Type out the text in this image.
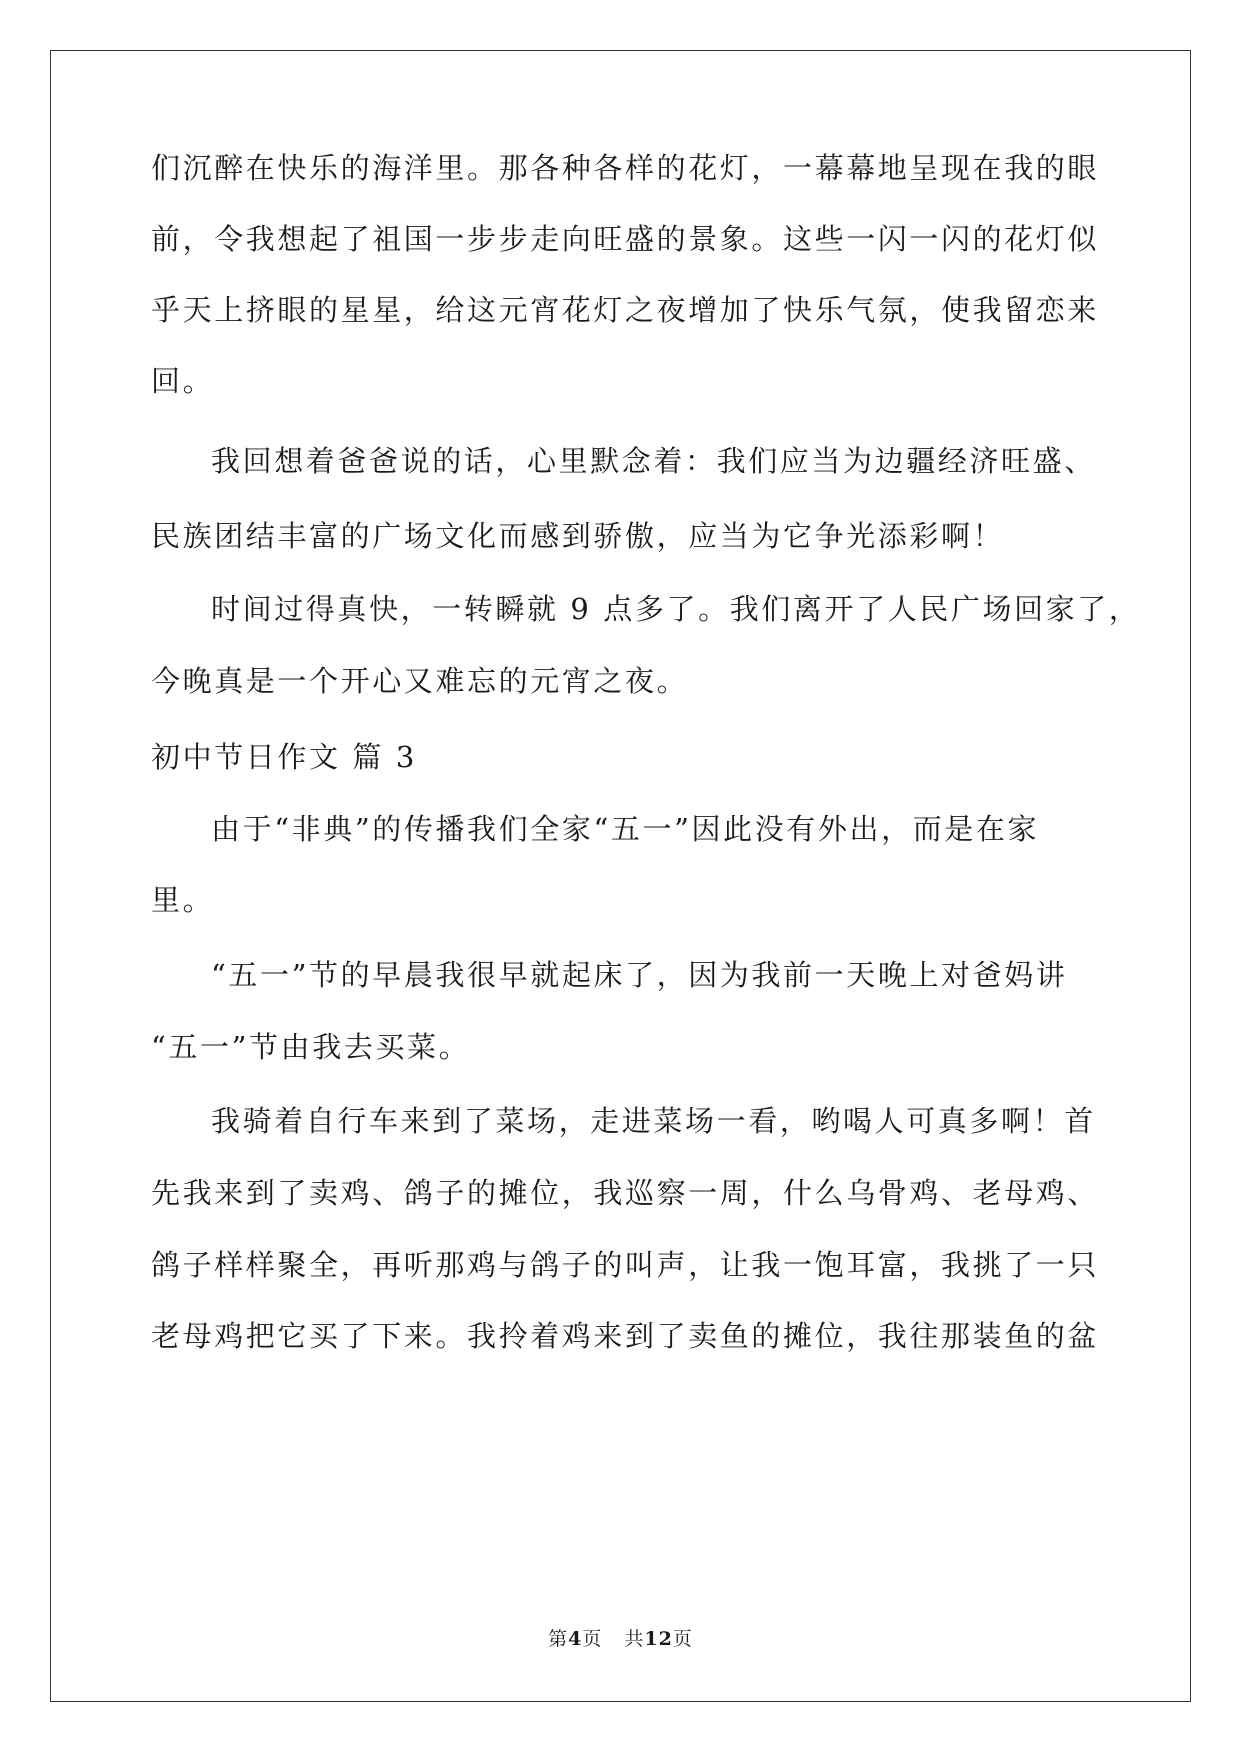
们沉醉在快乐的海洋里。那各种各样的花灯，一幕幕地呈现在我的眼
前，令我想起了祖国一步步走向旺盛的景象。这些一闪一闪的花灯似
乎天上挤眼的星星，给这元宵花灯之夜增加了快乐气氛，使我留恋来
回。
我回想着爸爸说的话，心里默念着：我们应当为边疆经济旺盛、
民族团结丰富的广场文化而感到骄傲，应当为它争光添彩啊！
时间过得真快，一转瞬就 9 点多了。我们离开了人民广场回家了，
今晚真是一个开心又难忘的元宵之夜。
初中节日作文 篇 3
由于“非典”的传播我们全家“五一”因此没有外出，而是在家
里。
“五一”节的早晨我很早就起床了，因为我前一天晚上对爸妈讲
“五一”节由我去买菜。
我骑着自行车来到了菜场，走进菜场一看，哟喝人可真多啊！首
先我来到了卖鸡、鸽子的摊位，我巡察一周，什么乌骨鸡、老母鸡、
鸽子样样聚全，再听那鸡与鸽子的叫声，让我一饱耳富，我挑了一只
老母鸡把它买了下来。我拎着鸡来到了卖鱼的摊位，我往那装鱼的盆
第4页 共12页
